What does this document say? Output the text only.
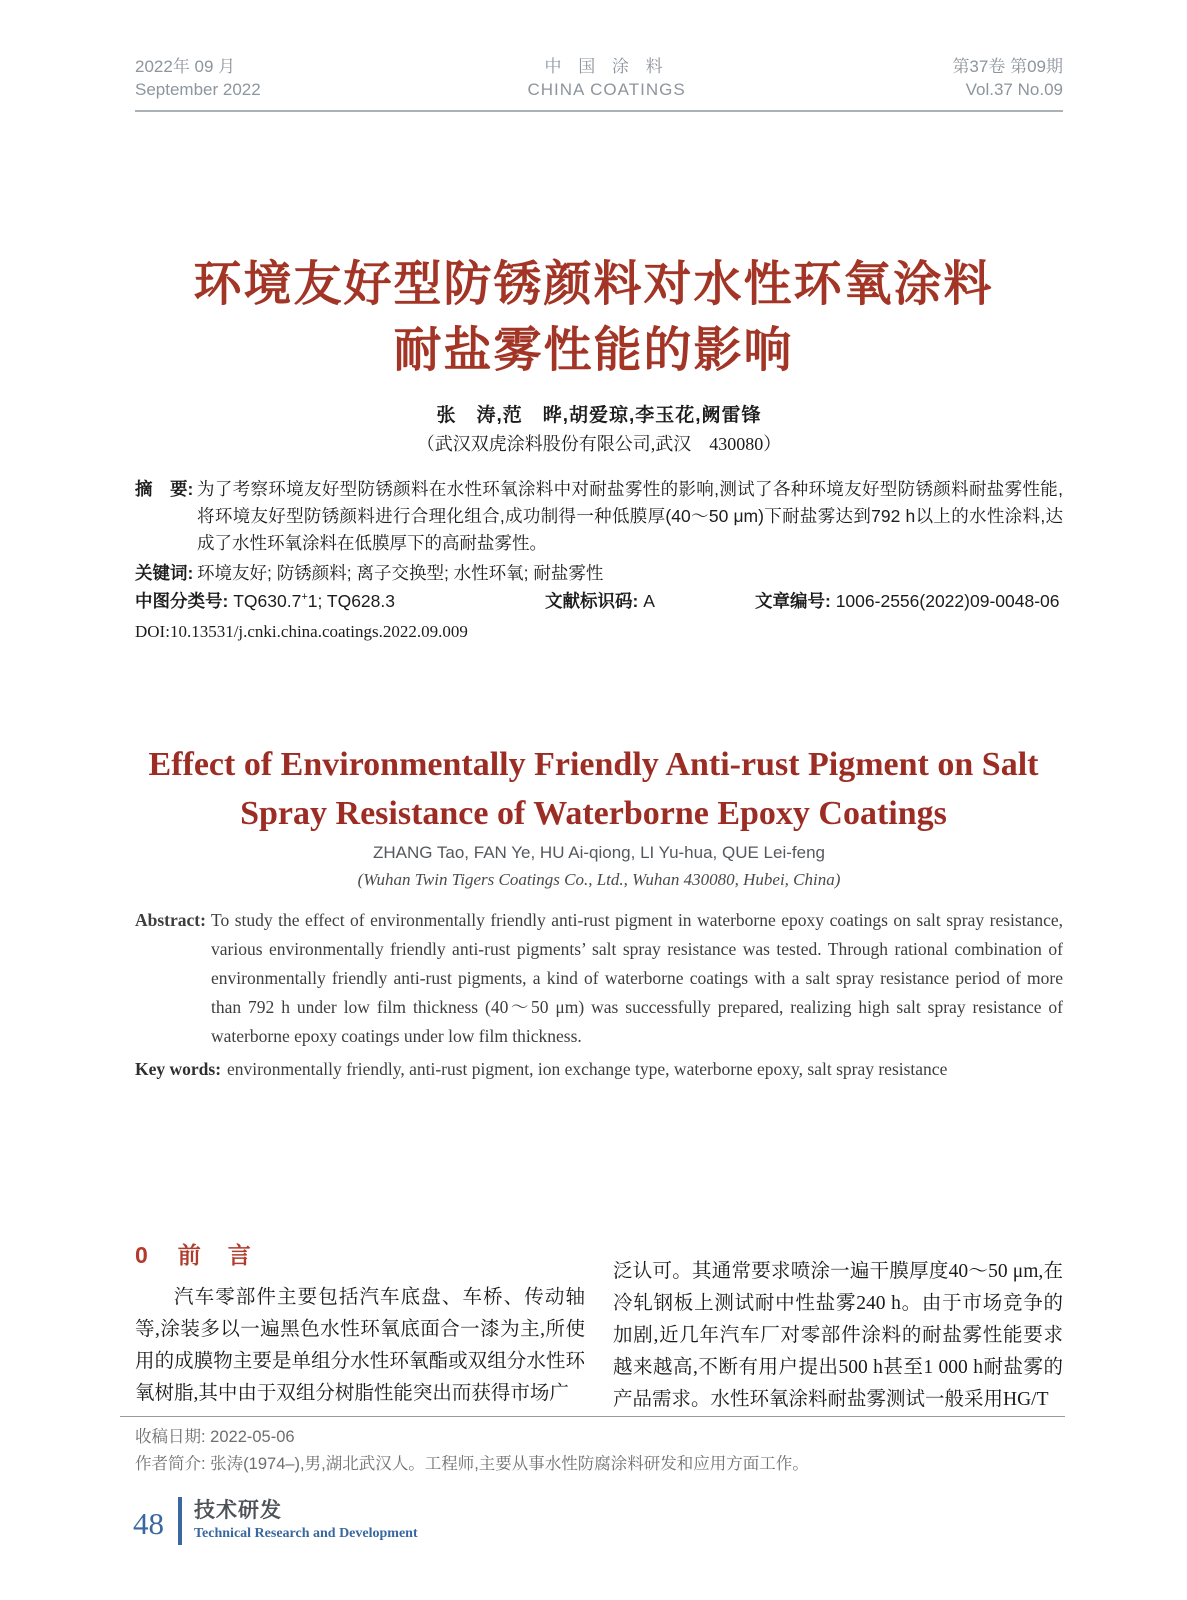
2022年 09 月
September 2022
中 国 涂 料
CHINA COATINGS
第37卷 第09期
Vol.37 No.09
环境友好型防锈颜料对水性环氧涂料
耐盐雾性能的影响
张　涛,范　晔,胡爱琼,李玉花,阙雷锋
（武汉双虎涂料股份有限公司,武汉　430080）
摘　要: 为了考察环境友好型防锈颜料在水性环氧涂料中对耐盐雾性的影响,测试了各种环境友好型防锈颜料耐盐雾性能,将环境友好型防锈颜料进行合理化组合,成功制得一种低膜厚(40～50 μm)下耐盐雾达到792 h以上的水性涂料,达成了水性环氧涂料在低膜厚下的高耐盐雾性。
关键词: 环境友好; 防锈颜料; 离子交换型; 水性环氧; 耐盐雾性
中图分类号: TQ630.7+1; TQ628.3	文献标识码: A	文章编号: 1006-2556(2022)09-0048-06
DOI:10.13531/j.cnki.china.coatings.2022.09.009
Effect of Environmentally Friendly Anti-rust Pigment on Salt
Spray Resistance of Waterborne Epoxy Coatings
ZHANG Tao, FAN Ye, HU Ai-qiong, LI Yu-hua, QUE Lei-feng
(Wuhan Twin Tigers Coatings Co., Ltd., Wuhan 430080, Hubei, China)
Abstract: To study the effect of environmentally friendly anti-rust pigment in waterborne epoxy coatings on salt spray resistance, various environmentally friendly anti-rust pigments’ salt spray resistance was tested. Through rational combination of environmentally friendly anti-rust pigments, a kind of waterborne coatings with a salt spray resistance period of more than 792 h under low film thickness (40～50 μm) was successfully prepared, realizing high salt spray resistance of waterborne epoxy coatings under low film thickness.
Key words: environmentally friendly, anti-rust pigment, ion exchange type, waterborne epoxy, salt spray resistance
0 前　言

汽车零部件主要包括汽车底盘、车桥、传动轴等,涂装多以一遍黑色水性环氧底面合一漆为主,所使用的成膜物主要是单组分水性环氧酯或双组分水性环氧树脂,其中由于双组分树脂性能突出而获得市场广

泛认可。其通常要求喷涂一遍干膜厚度40～50 μm,在冷轧钢板上测试耐中性盐雾240 h。由于市场竞争的加剧,近几年汽车厂对零部件涂料的耐盐雾性能要求越来越高,不断有用户提出500 h甚至1 000 h耐盐雾的产品需求。水性环氧涂料耐盐雾测试一般采用HG/T

收稿日期: 2022-05-06
作者简介: 张涛(1974–),男,湖北武汉人。工程师,主要从事水性防腐涂料研发和应用方面工作。
48 技术研发
Technical Research and Development
